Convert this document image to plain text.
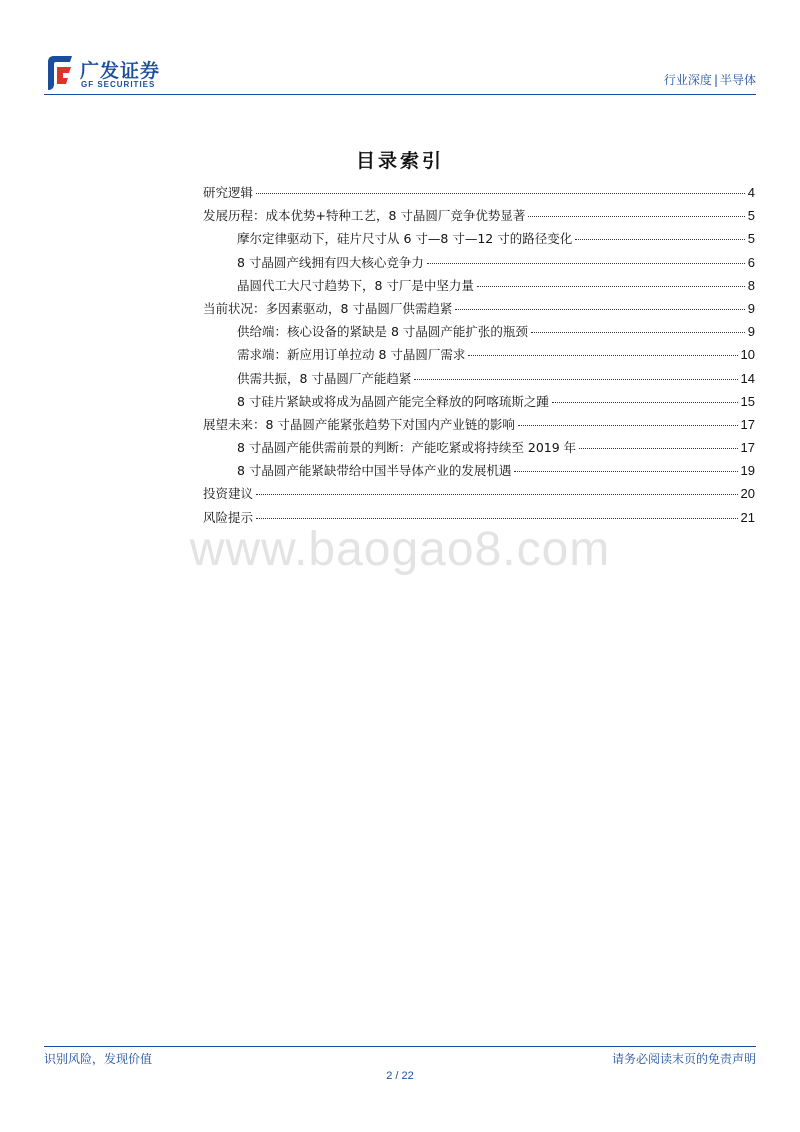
广发证券
GF SECURITIES	行业深度 | 半导体
目录索引
研究逻辑	4
发展历程：成本优势+特种工艺，8 寸晶圆厂竞争优势显著	5
摩尔定律驱动下，硅片尺寸从 6 寸—8 寸—12 寸的路径变化	5
8 寸晶圆产线拥有四大核心竞争力	6
晶圆代工大尺寸趋势下，8 寸厂是中坚力量	8
当前状况：多因素驱动，8 寸晶圆厂供需趋紧	9
供给端：核心设备的紧缺是 8 寸晶圆产能扩张的瓶颈	9
需求端：新应用订单拉动 8 寸晶圆厂需求	10
供需共振，8 寸晶圆厂产能趋紧	14
8 寸硅片紧缺或将成为晶圆产能完全释放的阿喀琉斯之踵	15
展望未来：8 寸晶圆产能紧张趋势下对国内产业链的影响	17
8 寸晶圆产能供需前景的判断：产能吃紧或将持续至 2019 年	17
8 寸晶圆产能紧缺带给中国半导体产业的发展机遇	19
投资建议	20
风险提示	21
www.baogao8.com
识别风险，发现价值	请务必阅读末页的免责声明
2 / 22
